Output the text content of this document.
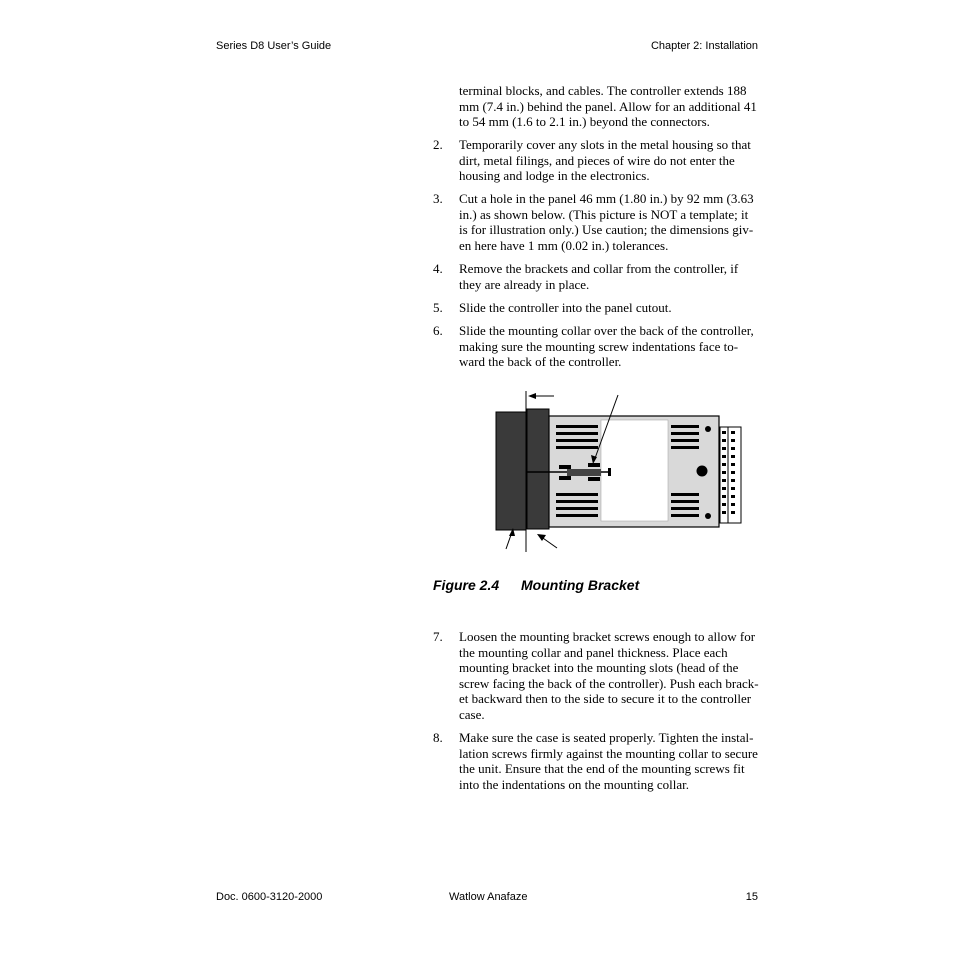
Series D8 User’s Guide	Chapter 2: Installation
terminal blocks, and cables. The controller extends 188
mm (7.4 in.) behind the panel. Allow for an additional 41
to 54 mm (1.6 to 2.1 in.) beyond the connectors.
2. Temporarily cover any slots in the metal housing so that
dirt, metal filings, and pieces of wire do not enter the
housing and lodge in the electronics.
3. Cut a hole in the panel 46 mm (1.80 in.) by 92 mm (3.63
in.) as shown below. (This picture is NOT a template; it
is for illustration only.) Use caution; the dimensions giv-
en here have 1 mm (0.02 in.) tolerances.
4. Remove the brackets and collar from the controller, if
they are already in place.
5. Slide the controller into the panel cutout.
6. Slide the mounting collar over the back of the controller,
making sure the mounting screw indentations face to-
ward the back of the controller.
Figure 2.4 Mounting Bracket
7. Loosen the mounting bracket screws enough to allow for
the mounting collar and panel thickness. Place each
mounting bracket into the mounting slots (head of the
screw facing the back of the controller). Push each brack-
et backward then to the side to secure it to the controller
case.
8. Make sure the case is seated properly. Tighten the instal-
lation screws firmly against the mounting collar to secure
the unit. Ensure that the end of the mounting screws fit
into the indentations on the mounting collar.
Doc. 0600-3120-2000	Watlow Anafaze	15
